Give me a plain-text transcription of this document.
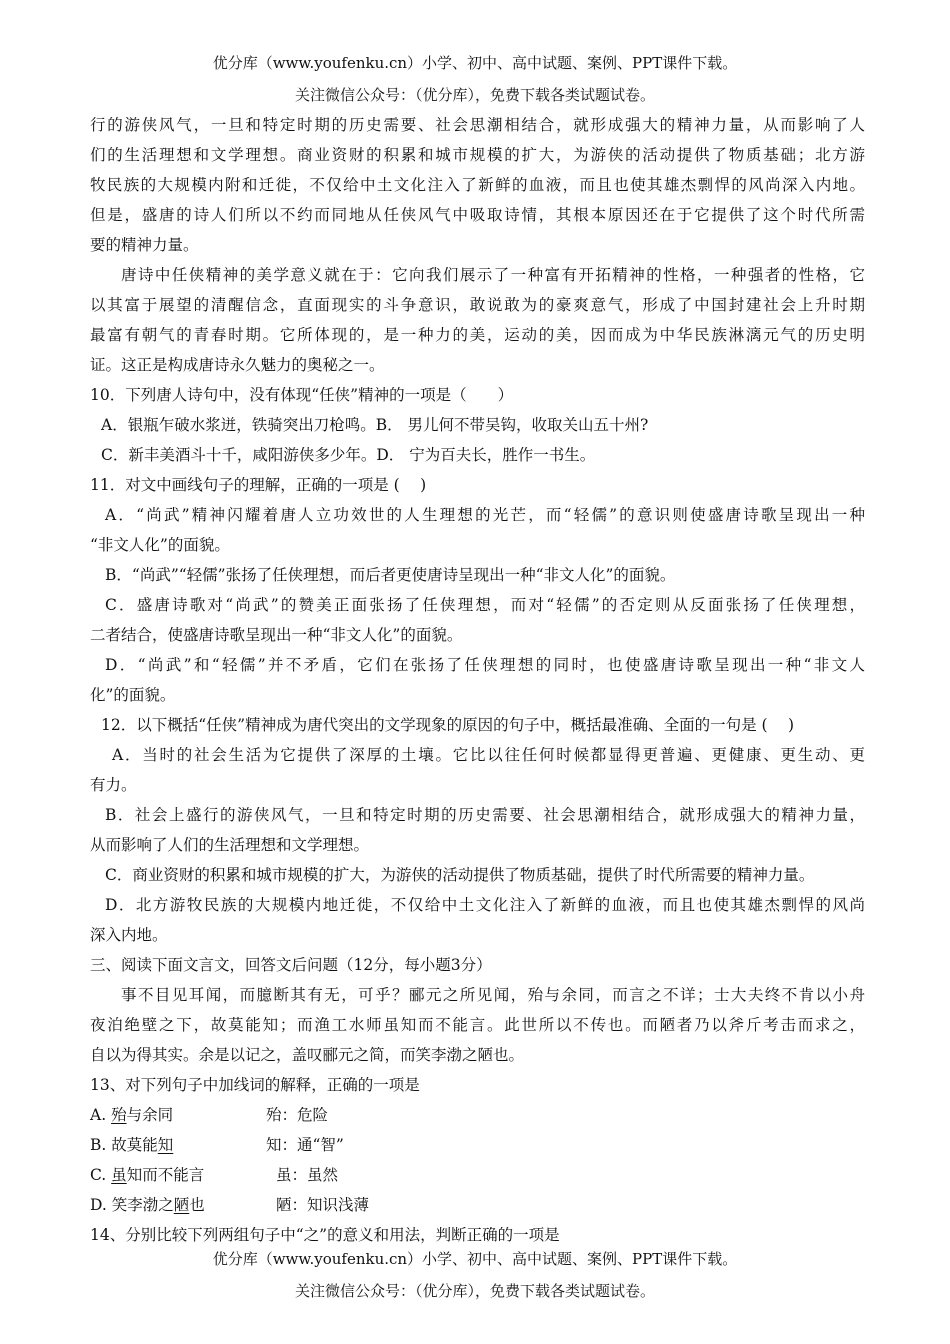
优分库（www.youfenku.cn）小学、初中、高中试题、案例、PPT课件下载。
关注微信公众号：（优分库），免费下载各类试题试卷。
行的游侠风气，一旦和特定时期的历史需要、社会思潮相结合，就形成强大的精神力量，从而影响了人
们的生活理想和文学理想。商业资财的积累和城市规模的扩大，为游侠的活动提供了物质基础；北方游
牧民族的大规模内附和迁徙，不仅给中土文化注入了新鲜的血液，而且也使其雄杰剽悍的风尚深入内地。
但是，盛唐的诗人们所以不约而同地从任侠风气中吸取诗情，其根本原因还在于它提供了这个时代所需
要的精神力量。
唐诗中任侠精神的美学意义就在于：它向我们展示了一种富有开拓精神的性格，一种强者的性格，它
以其富于展望的清醒信念，直面现实的斗争意识，敢说敢为的豪爽意气，形成了中国封建社会上升时期
最富有朝气的青春时期。它所体现的，是一种力的美，运动的美，因而成为中华民族淋漓元气的历史明
证。这正是构成唐诗永久魅力的奥秘之一。
10．下列唐人诗句中，没有体现“任侠”精神的一项是（　　）
A．银瓶乍破水浆迸，铁骑突出刀枪鸣。B． 男儿何不带吴钩，收取关山五十州?
C．新丰美酒斗十千，咸阳游侠多少年。D． 宁为百夫长，胜作一书生。
11．对文中画线句子的理解，正确的一项是 (　 )
A．“尚武”精神闪耀着唐人立功效世的人生理想的光芒，而“轻儒”的意识则使盛唐诗歌呈现出一种
“非文人化”的面貌。
B．“尚武”“轻儒”张扬了任侠理想，而后者更使唐诗呈现出一种“非文人化”的面貌。
C．盛唐诗歌对“尚武”的赞美正面张扬了任侠理想，而对“轻儒”的否定则从反面张扬了任侠理想，
二者结合，使盛唐诗歌呈现出一种“非文人化”的面貌。
D．“尚武”和“轻儒”并不矛盾，它们在张扬了任侠理想的同时，也使盛唐诗歌呈现出一种“非文人
化”的面貌。
12．以下概括“任侠”精神成为唐代突出的文学现象的原因的句子中，概括最准确、全面的一句是 (　 )
A．当时的社会生活为它提供了深厚的土壤。它比以往任何时候都显得更普遍、更健康、更生动、更
有力。
B．社会上盛行的游侠风气，一旦和特定时期的历史需要、社会思潮相结合，就形成强大的精神力量，
从而影响了人们的生活理想和文学理想。
C．商业资财的积累和城市规模的扩大，为游侠的活动提供了物质基础，提供了时代所需要的精神力量。
D．北方游牧民族的大规模内地迁徙，不仅给中土文化注入了新鲜的血液，而且也使其雄杰剽悍的风尚
深入内地。
三、阅读下面文言文，回答文后问题（12分，每小题3分）
事不目见耳闻，而臆断其有无，可乎？郦元之所见闻，殆与余同，而言之不详；士大夫终不肯以小舟
夜泊绝壁之下，故莫能知；而渔工水师虽知而不能言。此世所以不传也。而陋者乃以斧斤考击而求之，
自以为得其实。余是以记之，盖叹郦元之简，而笑李渤之陋也。
13、对下列句子中加线词的解释，正确的一项是
A. 殆与余同	殆：危险
B. 故莫能知	知：通“智”
C. 虽知而不能言	虽：虽然
D. 笑李渤之陋也	陋：知识浅薄
14、分别比较下列两组句子中“之”的意义和用法，判断正确的一项是
优分库（www.youfenku.cn）小学、初中、高中试题、案例、PPT课件下载。
关注微信公众号：（优分库），免费下载各类试题试卷。
